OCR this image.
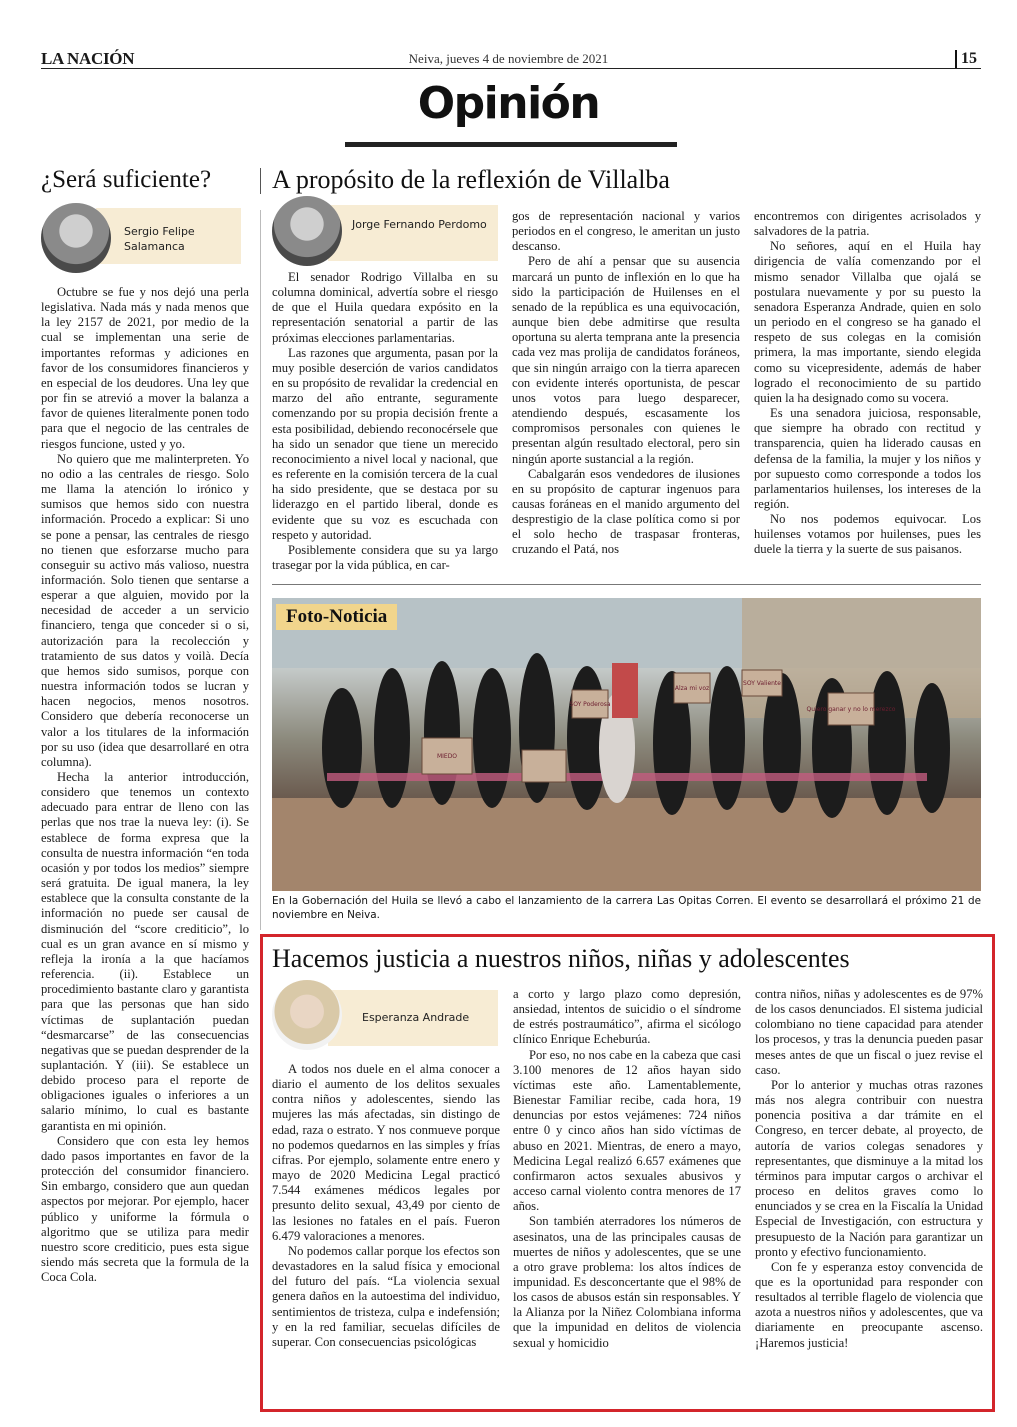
LA NACIÓN	Neiva, jueves 4 de noviembre de 2021	15
Opinión
¿Será suficiente?
Sergio Felipe Salamanca

Octubre se fue y nos dejó una perla legislativa. Nada más y nada menos que la ley 2157 de 2021, por medio de la cual se implementan una serie de importantes reformas y adiciones en favor de los consumidores financieros y en especial de los deudores. Una ley que por fin se atrevió a mover la balanza a favor de quienes literalmente ponen todo para que el negocio de las centrales de riesgos funcione, usted y yo.

No quiero que me malinterpreten. Yo no odio a las centrales de riesgo. Solo me llama la atención lo irónico y sumisos que hemos sido con nuestra información. Procedo a explicar: Si uno se pone a pensar, las centrales de riesgo no tienen que esforzarse mucho para conseguir su activo más valioso, nuestra información. Solo tienen que sentarse a esperar a que alguien, movido por la necesidad de acceder a un servicio financiero, tenga que conceder si o si, autorización para la recolección y tratamiento de sus datos y voilà. Decía que hemos sido sumisos, porque con nuestra información todos se lucran y hacen negocios, menos nosotros. Considero que debería reconocerse un valor a los titulares de la información por su uso (idea que desarrollaré en otra columna).

Hecha la anterior introducción, considero que tenemos un contexto adecuado para entrar de lleno con las perlas que nos trae la nueva ley: (i). Se establece de forma expresa que la consulta de nuestra información “en toda ocasión y por todos los medios” siempre será gratuita. De igual manera, la ley establece que la consulta constante de la información no puede ser causal de disminución del “score crediticio”, lo cual es un gran avance en sí mismo y refleja la ironía a la que hacíamos referencia. (ii). Establece un procedimiento bastante claro y garantista para que las personas que han sido víctimas de suplantación puedan “desmarcarse” de las consecuencias negativas que se puedan desprender de la suplantación. Y (iii). Se establece un debido proceso para el reporte de obligaciones iguales o inferiores a un salario mínimo, lo cual es bastante garantista en mi opinión.

Considero que con esta ley hemos dado pasos importantes en favor de la protección del consumidor financiero. Sin embargo, considero que aun quedan aspectos por mejorar. Por ejemplo, hacer público y uniforme la fórmula o algoritmo que se utiliza para medir nuestro score crediticio, pues esta sigue siendo más secreta que la formula de la Coca Cola.

A propósito de la reflexión de Villalba
Jorge Fernando Perdomo

El senador Rodrigo Villalba en su columna dominical, advertía sobre el riesgo de que el Huila quedara expósito en la representación senatorial a partir de las próximas elecciones parlamentarias.

Las razones que argumenta, pasan por la muy posible deserción de varios candidatos en su propósito de revalidar la credencial en marzo del año entrante, seguramente comenzando por su propia decisión frente a esta posibilidad, debiendo reconocérsele que ha sido un senador que tiene un merecido reconocimiento a nivel local y nacional, que es referente en la comisión tercera de la cual ha sido presidente, que se destaca por su liderazgo en el partido liberal, donde es evidente que su voz es escuchada con respeto y autoridad.

Posiblemente considera que su ya largo trasegar por la vida pública, en car-

gos de representación nacional y varios periodos en el congreso, le ameritan un justo descanso.

Pero de ahí a pensar que su ausencia marcará un punto de inflexión en lo que ha sido la participación de Huilenses en el senado de la república es una equivocación, aunque bien debe admitirse que resulta oportuna su alerta temprana ante la presencia cada vez mas prolija de candidatos foráneos, que sin ningún arraigo con la tierra aparecen con evidente interés oportunista, de pescar unos votos para luego desparecer, atendiendo después, escasamente los compromisos personales con quienes le presentan algún resultado electoral, pero sin ningún aporte sustancial a la región.

Cabalgarán esos vendedores de ilusiones en su propósito de capturar ingenuos para causas foráneas en el manido argumento del desprestigio de la clase política como si por el solo hecho de traspasar fronteras, cruzando el Patá, nos

encontremos con dirigentes acrisolados y salvadores de la patria.

No señores, aquí en el Huila hay dirigencia de valía comenzando por el mismo senador Villalba que ojalá se postulara nuevamente y por su puesto la senadora Esperanza Andrade, quien en solo un periodo en el congreso se ha ganado el respeto de sus colegas en la comisión primera, la mas importante, siendo elegida como su vicepresidente, además de haber logrado el reconocimiento de su partido quien la ha designado como su vocera.

Es una senadora juiciosa, responsable, que siempre ha obrado con rectitud y transparencia, quien ha liderado causas en defensa de la familia, la mujer y los niños y por supuesto como corresponde a todos los parlamentarios huilenses, los intereses de la región.

No nos podemos equivocar. Los huilenses votamos por huilenses, pues les duele la tierra y la suerte de sus paisanos.

SOY Poderosa
Alza mi voz
SOY Valiente
Quiero ganar y no lo merezco
MIEDO
Foto-Noticia
En la Gobernación del Huila se llevó a cabo el lanzamiento de la carrera Las Opitas Corren. El evento se desarrollará el próximo 21 de noviembre en Neiva.
Hacemos justicia a nuestros niños, niñas y adolescentes
Esperanza Andrade

A todos nos duele en el alma conocer a diario el aumento de los delitos sexuales contra niños y adolescentes, siendo las mujeres las más afectadas, sin distingo de edad, raza o estrato. Y nos conmueve porque no podemos quedarnos en las simples y frías cifras. Por ejemplo, solamente entre enero y mayo de 2020 Medicina Legal practicó 7.544 exámenes médicos legales por presunto delito sexual, 43,49 por ciento de las lesiones no fatales en el país. Fueron 6.479 valoraciones a menores.

No podemos callar porque los efectos son devastadores en la salud física y emocional del futuro del país. “La violencia sexual genera daños en la autoestima del individuo, sentimientos de tristeza, culpa e indefensión; y en la red familiar, secuelas difíciles de superar. Con consecuencias psicológicas

a corto y largo plazo como depresión, ansiedad, intentos de suicidio o el síndrome de estrés postraumático”, afirma el sicólogo clínico Enrique Echeburúa.

Por eso, no nos cabe en la cabeza que casi 3.100 menores de 12 años hayan sido víctimas este año. Lamentablemente, Bienestar Familiar recibe, cada hora, 19 denuncias por estos vejámenes: 724 niños entre 0 y cinco años han sido víctimas de abuso en 2021. Mientras, de enero a mayo, Medicina Legal realizó 6.657 exámenes que confirmaron actos sexuales abusivos y acceso carnal violento contra menores de 17 años.

Son también aterradores los números de asesinatos, una de las principales causas de muertes de niños y adolescentes, que se une a otro grave problema: los altos índices de impunidad. Es desconcertante que el 98% de los casos de abusos están sin responsables. Y la Alianza por la Niñez Colombiana informa que la impunidad en delitos de violencia sexual y homicidio

contra niños, niñas y adolescentes es de 97% de los casos denunciados. El sistema judicial colombiano no tiene capacidad para atender los procesos, y tras la denuncia pueden pasar meses antes de que un fiscal o juez revise el caso.

Por lo anterior y muchas otras razones más nos alegra contribuir con nuestra ponencia positiva a dar trámite en el Congreso, en tercer debate, al proyecto, de autoría de varios colegas senadores y representantes, que disminuye a la mitad los términos para imputar cargos o archivar el proceso en delitos graves como lo enunciados y se crea en la Fiscalía la Unidad Especial de Investigación, con estructura y presupuesto de la Nación para garantizar un pronto y efectivo funcionamiento.

Con fe y esperanza estoy convencida de que es la oportunidad para responder con resultados al terrible flagelo de violencia que azota a nuestros niños y adolescentes, que va diariamente en preocupante ascenso. ¡Haremos justicia!
